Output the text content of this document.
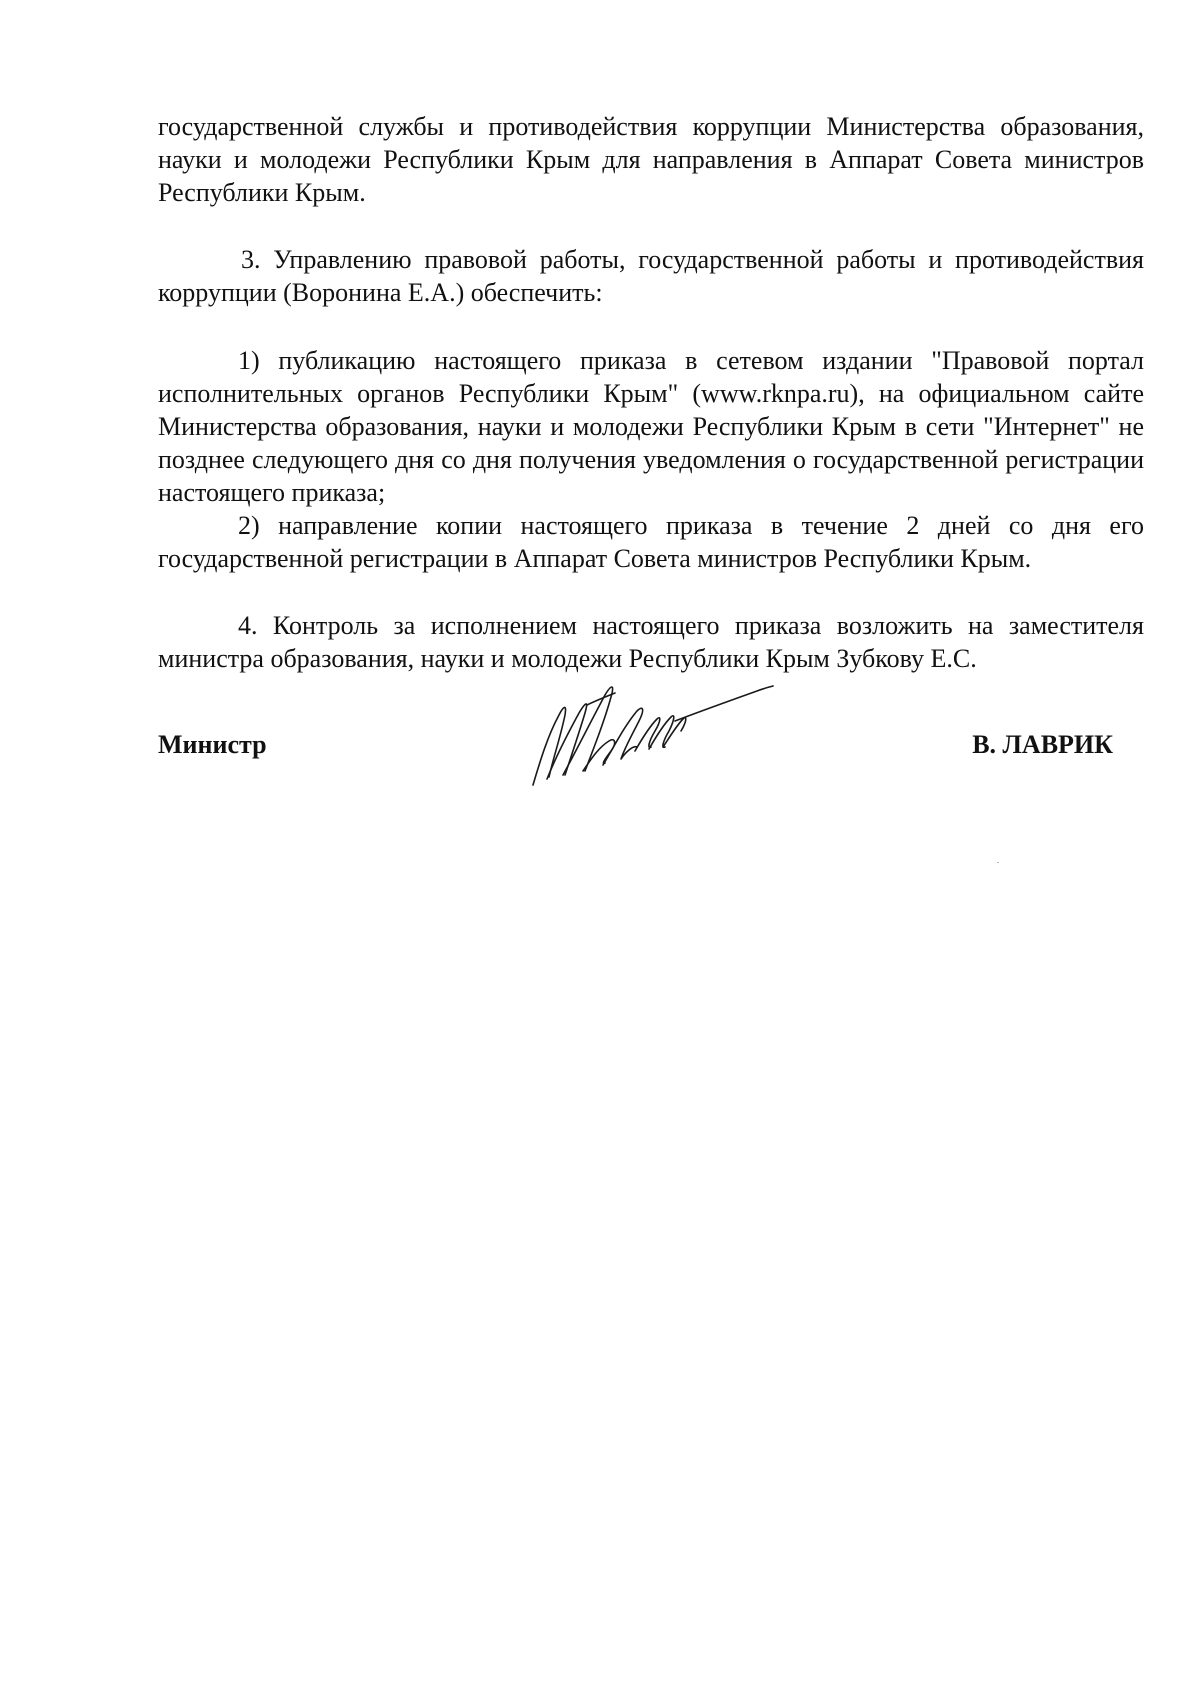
государственной службы и противодействия коррупции Министерства образования, науки и молодежи Республики Крым для направления в Аппарат Совета министров Республики Крым.

3. Управлению правовой работы, государственной работы и противодействия коррупции (Воронина Е.А.) обеспечить:

1) публикацию настоящего приказа в сетевом издании "Правовой портал исполнительных органов Республики Крым" (www.rknpa.ru), на официальном сайте Министерства образования, науки и молодежи Республики Крым в сети "Интернет" не позднее следующего дня со дня получения уведомления о государственной регистрации настоящего приказа;

2) направление копии настоящего приказа в течение 2 дней со дня его государственной регистрации в Аппарат Совета министров Республики Крым.

4. Контроль за исполнением настоящего приказа возложить на заместителя министра образования, науки и молодежи Республики Крым Зубкову Е.С.

Министр	В. ЛАВРИК
